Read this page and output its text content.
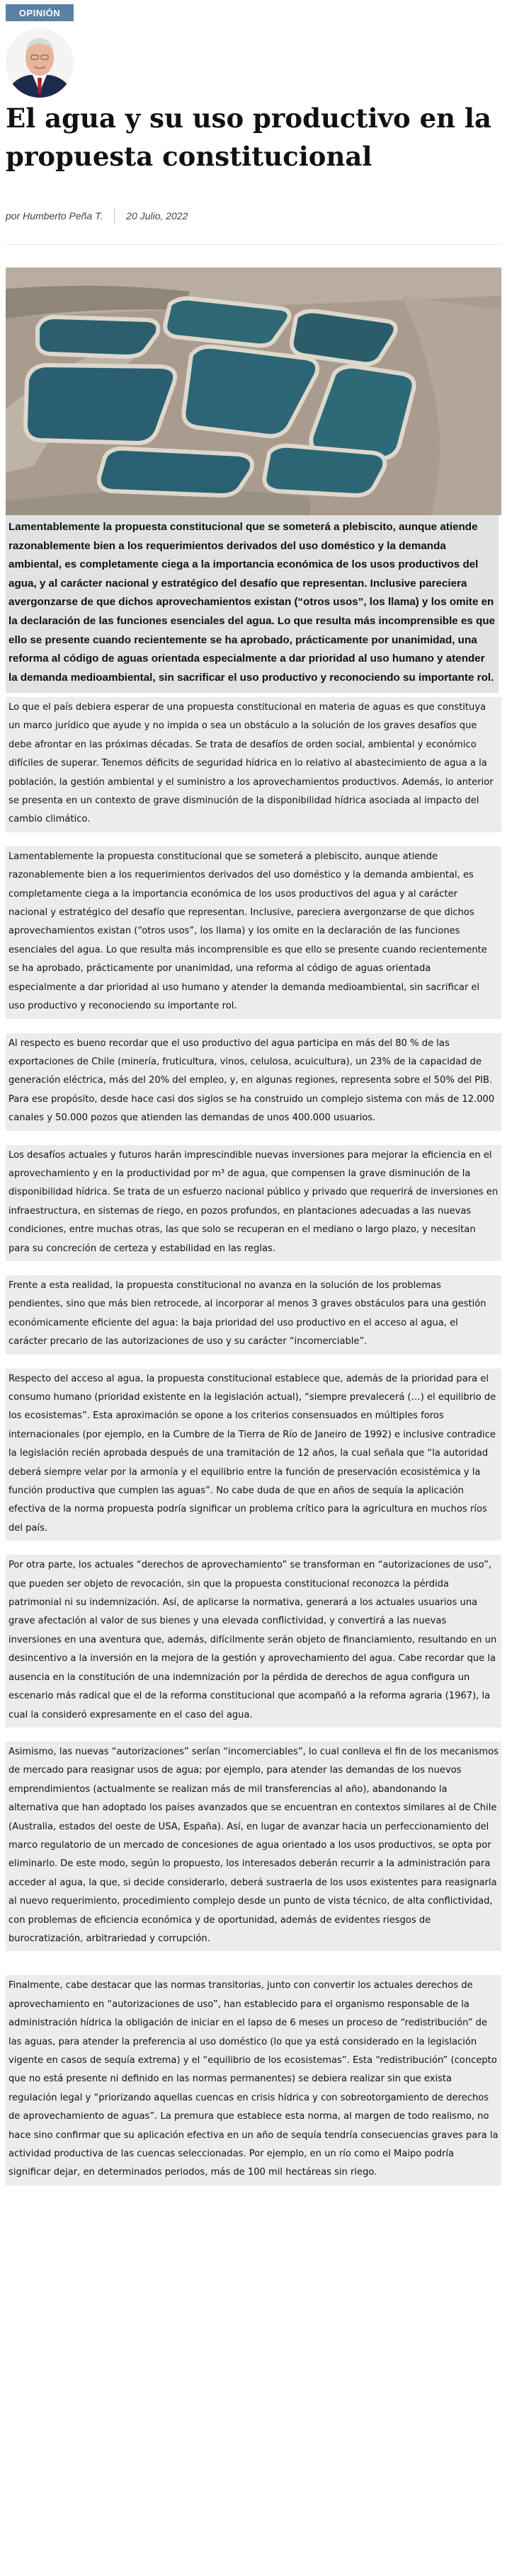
OPINIÓN
El agua y su uso productivo en la propuesta constitucional
por
Humberto Peña T. 20 Julio, 2022

Lamentablemente la propuesta constitucional que se someterá a plebiscito, aunque atiende razonablemente bien a los requerimientos derivados del uso doméstico y la demanda ambiental, es completamente ciega a la importancia económica de los usos productivos del agua, y al carácter nacional y estratégico del desafío que representan. Inclusive pareciera avergonzarse de que dichos aprovechamientos existan (“otros usos”, los llama) y los omite en la declaración de las funciones esenciales del agua. Lo que resulta más incomprensible es que ello se presente cuando recientemente se ha aprobado, prácticamente por unanimidad, una reforma al código de aguas orientada especialmente a dar prioridad al uso humano y atender la demanda medioambiental, sin sacrificar el uso productivo y reconociendo su importante rol.

Lo que el país debiera esperar de una propuesta constitucional en materia de aguas es que constituya un marco jurídico que ayude y no impida o sea un obstáculo a la solución de los graves desafíos que debe afrontar en las próximas décadas. Se trata de desafíos de orden social, ambiental y económico difíciles de superar. Tenemos déficits de seguridad hídrica en lo relativo al abastecimiento de agua a la población, la gestión ambiental y el suministro a los aprovechamientos productivos. Además, lo anterior se presenta en un contexto de grave disminución de la disponibilidad hídrica asociada al impacto del cambio climático.

Lamentablemente la propuesta constitucional que se someterá a plebiscito, aunque atiende razonablemente bien a los requerimientos derivados del uso doméstico y la demanda ambiental, es completamente ciega a la importancia económica de los usos productivos del agua y al carácter nacional y estratégico del desafío que representan. Inclusive, pareciera avergonzarse de que dichos aprovechamientos existan (“otros usos”, los llama) y los omite en la declaración de las funciones esenciales del agua. Lo que resulta más incomprensible es que ello se presente cuando recientemente se ha aprobado, prácticamente por unanimidad, una reforma al código de aguas orientada especialmente a dar prioridad al uso humano y atender la demanda medioambiental, sin sacrificar el uso productivo y reconociendo su importante rol.

Al respecto es bueno recordar que el uso productivo del agua participa en más del 80 % de las exportaciones de Chile (minería, fruticultura, vinos, celulosa, acuicultura), un 23% de la capacidad de generación eléctrica, más del 20% del empleo, y, en algunas regiones, representa sobre el 50% del PIB. Para ese propósito, desde hace casi dos siglos se ha construido un complejo sistema con más de 12.000 canales y 50.000 pozos que atienden las demandas de unos 400.000 usuarios.

Los desafíos actuales y futuros harán imprescindible nuevas inversiones para mejorar la eficiencia en el aprovechamiento y en la productividad por m³ de agua, que compensen la grave disminución de la disponibilidad hídrica. Se trata de un esfuerzo nacional público y privado que requerirá de inversiones en infraestructura, en sistemas de riego, en pozos profundos, en plantaciones adecuadas a las nuevas condiciones, entre muchas otras, las que solo se recuperan en el mediano o largo plazo, y necesitan para su concreción de certeza y estabilidad en las reglas.

Frente a esta realidad, la propuesta constitucional no avanza en la solución de los problemas pendientes, sino que más bien retrocede, al incorporar al menos 3 graves obstáculos para una gestión económicamente eficiente del agua: la baja prioridad del uso productivo en el acceso al agua, el carácter precario de las autorizaciones de uso y su carácter “incomerciable”.

Respecto del acceso al agua, la propuesta constitucional establece que, además de la prioridad para el consumo humano (prioridad existente en la legislación actual), “siempre prevalecerá (…) el equilibrio de los ecosistemas”. Esta aproximación se opone a los criterios consensuados en múltiples foros internacionales (por ejemplo, en la Cumbre de la Tierra de Río de Janeiro de 1992) e inclusive contradice la legislación recién aprobada después de una tramitación de 12 años, la cual señala que “la autoridad deberá siempre velar por la armonía y el equilibrio entre la función de preservación ecosistémica y la función productiva que cumplen las aguas”. No cabe duda de que en años de sequía la aplicación efectiva de la norma propuesta podría significar un problema crítico para la agricultura en muchos ríos del país.

Por otra parte, los actuales “derechos de aprovechamiento” se transforman en “autorizaciones de uso”, que pueden ser objeto de revocación, sin que la propuesta constitucional reconozca la pérdida patrimonial ni su indemnización. Así, de aplicarse la normativa, generará a los actuales usuarios una grave afectación al valor de sus bienes y una elevada conflictividad, y convertirá a las nuevas inversiones en una aventura que, además, difícilmente serán objeto de financiamiento, resultando en un desincentivo a la inversión en la mejora de la gestión y aprovechamiento del agua. Cabe recordar que la ausencia en la constitución de una indemnización por la pérdida de derechos de agua configura un escenario más radical que el de la reforma constitucional que acompañó a la reforma agraria (1967), la cual la consideró expresamente en el caso del agua.

Asimismo, las nuevas “autorizaciones” serían “incomerciables”, lo cual conlleva el fin de los mecanismos de mercado para reasignar usos de agua; por ejemplo, para atender las demandas de los nuevos emprendimientos (actualmente se realizan más de mil transferencias al año), abandonando la alternativa que han adoptado los países avanzados que se encuentran en contextos similares al de Chile (Australia, estados del oeste de USA, España). Así, en lugar de avanzar hacia un perfeccionamiento del marco regulatorio de un mercado de concesiones de agua orientado a los usos productivos, se opta por eliminarlo. De este modo, según lo propuesto, los interesados deberán recurrir a la administración para acceder al agua, la que, si decide considerarlo, deberá sustraerla de los usos existentes para reasignarla al nuevo requerimiento, procedimiento complejo desde un punto de vista técnico, de alta conflictividad, con problemas de eficiencia económica y de oportunidad, además de evidentes riesgos de burocratización, arbitrariedad y corrupción.

Finalmente, cabe destacar que las normas transitorias, junto con convertir los actuales derechos de aprovechamiento en “autorizaciones de uso”, han establecido para el organismo responsable de la administración hídrica la obligación de iniciar en el lapso de 6 meses un proceso de “redistribución” de las aguas, para atender la preferencia al uso doméstico (lo que ya está considerado en la legislación vigente en casos de sequía extrema) y el “equilibrio de los ecosistemas”. Esta “redistribución” (concepto que no está presente ni definido en las normas permanentes) se debiera realizar sin que exista regulación legal y “priorizando aquellas cuencas en crisis hídrica y con sobreotorgamiento de derechos de aprovechamiento de aguas”. La premura que establece esta norma, al margen de todo realismo, no hace sino confirmar que su aplicación efectiva en un año de sequía tendría consecuencias graves para la actividad productiva de las cuencas seleccionadas. Por ejemplo, en un río como el Maipo podría significar dejar, en determinados periodos, más de 100 mil hectáreas sin riego.
